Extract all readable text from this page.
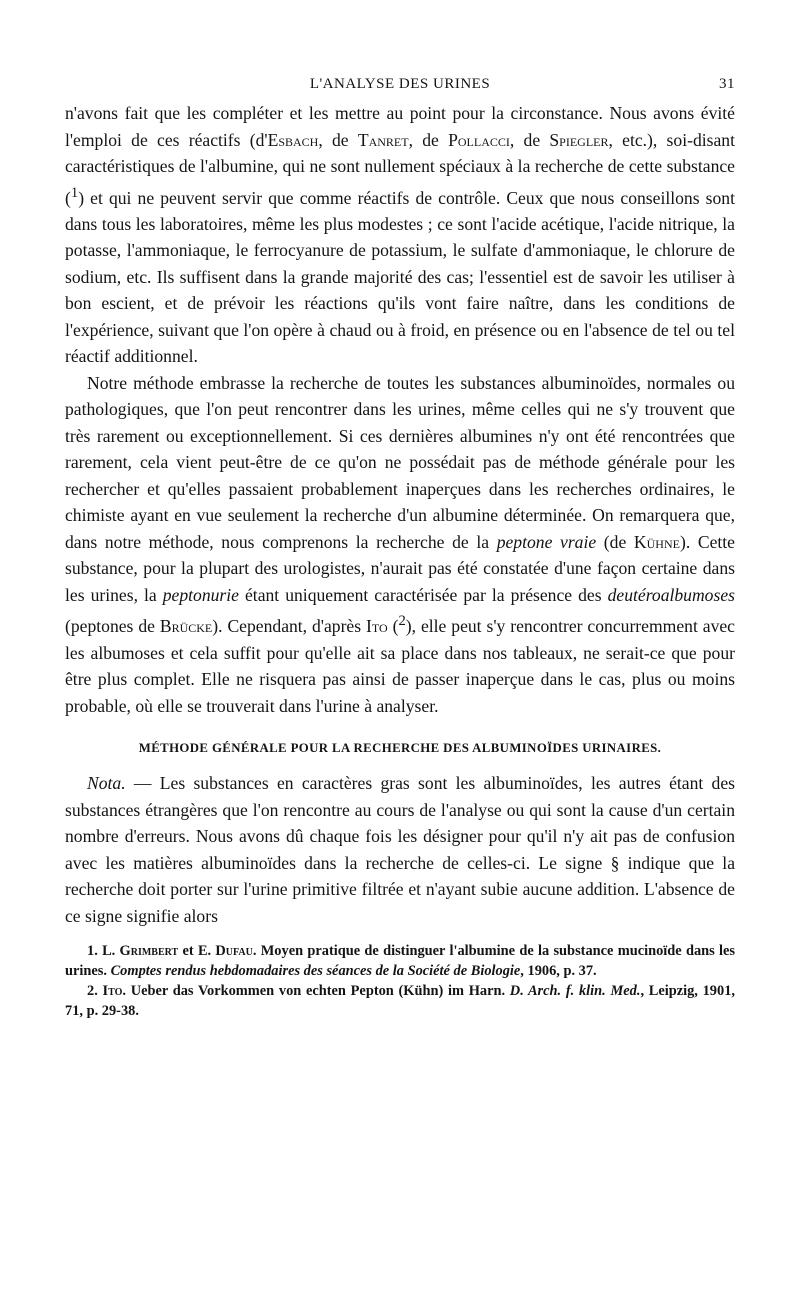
L'ANALYSE DES URINES	31

n'avons fait que les compléter et les mettre au point pour la circonstance. Nous avons évité l'emploi de ces réactifs (d'Esbach, de Tanret, de Pollacci, de Spiegler, etc.), soi-disant caractéristiques de l'albumine, qui ne sont nullement spéciaux à la recherche de cette substance ($^1$) et qui ne peuvent servir que comme réactifs de contrôle. Ceux que nous conseillons sont dans tous les laboratoires, même les plus modestes ; ce sont l'acide acétique, l'acide nitrique, la potasse, l'ammoniaque, le ferrocyanure de potassium, le sulfate d'ammoniaque, le chlorure de sodium, etc. Ils suffisent dans la grande majorité des cas; l'essentiel est de savoir les utiliser à bon escient, et de prévoir les réactions qu'ils vont faire naître, dans les conditions de l'expérience, suivant que l'on opère à chaud ou à froid, en présence ou en l'absence de tel ou tel réactif additionnel.

Notre méthode embrasse la recherche de toutes les substances albuminoïdes, normales ou pathologiques, que l'on peut rencontrer dans les urines, même celles qui ne s'y trouvent que très rarement ou exceptionnellement. Si ces dernières albumines n'y ont été rencontrées que rarement, cela vient peut-être de ce qu'on ne possédait pas de méthode générale pour les rechercher et qu'elles passaient probablement inaperçues dans les recherches ordinaires, le chimiste ayant en vue seulement la recherche d'un albumine déterminée. On remarquera que, dans notre méthode, nous comprenons la recherche de la peptone vraie (de Kühne). Cette substance, pour la plupart des urologistes, n'aurait pas été constatée d'une façon certaine dans les urines, la peptonurie étant uniquement caractérisée par la présence des deutéroalbumoses (peptones de Brücke). Cependant, d'après Ito ($^2$), elle peut s'y rencontrer concurremment avec les albumoses et cela suffit pour qu'elle ait sa place dans nos tableaux, ne serait-ce que pour être plus complet. Elle ne risquera pas ainsi de passer inaperçue dans le cas, plus ou moins probable, où elle se trouverait dans l'urine à analyser.

MÉTHODE GÉNÉRALE POUR LA RECHERCHE DES ALBUMINOÏDES URINAIRES.

Nota. — Les substances en caractères gras sont les albuminoïdes, les autres étant des substances étrangères que l'on rencontre au cours de l'analyse ou qui sont la cause d'un certain nombre d'erreurs. Nous avons dû chaque fois les désigner pour qu'il n'y ait pas de confusion avec les matières albuminoïdes dans la recherche de celles-ci. Le signe § indique que la recherche doit porter sur l'urine primitive filtrée et n'ayant subie aucune addition. L'absence de ce signe signifie alors

1. L. Grimbert et E. Dufau. Moyen pratique de distinguer l'albumine de la substance mucinoïde dans les urines. Comptes rendus hebdomadaires des séances de la Société de Biologie, 1906, p. 37.

2. Ito. Ueber das Vorkommen von echten Pepton (Kühn) im Harn. D. Arch. f. klin. Med., Leipzig, 1901, 71, p. 29-38.
